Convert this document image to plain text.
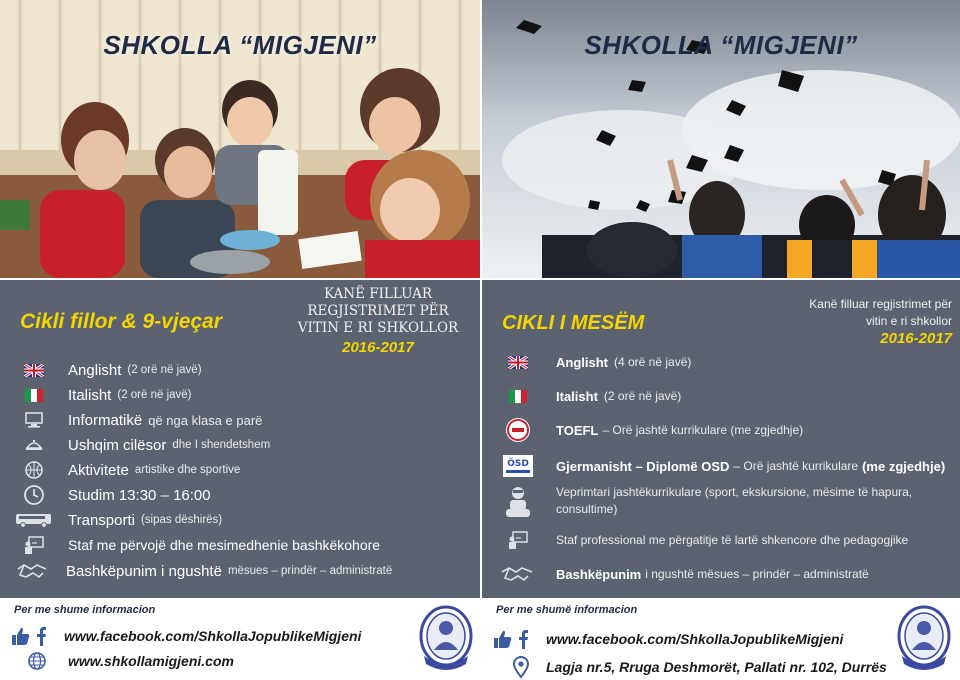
SHKOLLA “MIGJENI”
Cikli fillor & 9-vjeçar
KANË FILLUAR
REGJISTRIMET PËR
VITIN E RI SHKOLLOR
2016-2017
Anglisht (2 orë në javë)
Italisht (2 orë në javë)
Informatikë që nga klasa e parë
Ushqim cilësor dhe I shendetshem
Aktivitete artistike dhe sportive
Studim 13:30 – 16:00
Transporti (sipas dëshirës)
Staf me përvojë dhe mesimedhenie bashkëkohore
Bashkëpunim i ngushtë mësues – prindër – administratë
Per me shume informacion
www.facebook.com/ShkollaJopublikeMigjeni
www.shkollamigjeni.com
SHKOLLA “MIGJENI”
CIKLI I MESËM
Kanë filluar regjistrimet për
vitin e ri shkollor
2016-2017
Anglisht (4 orë në javë)
Italisht (2 orë në javë)
TOEFL – Orë jashtë kurrikulare (me zgjedhje)
ÖSD Gjermanisht – Diplomë OSD – Orë jashtë kurrikulare (me zgjedhje)
Veprimtari jashtëkurrikulare (sport, ekskursione, mësime të hapura, consultime)
Staf professional me përgatitje të lartë shkencore dhe pedagogjike
Bashkëpunim i ngushtë mësues – prindër – administratë
Per me shumë informacion
www.facebook.com/ShkollaJopublikeMigjeni
Lagja nr.5, Rruga Deshmorët, Pallati nr. 102, Durrës
